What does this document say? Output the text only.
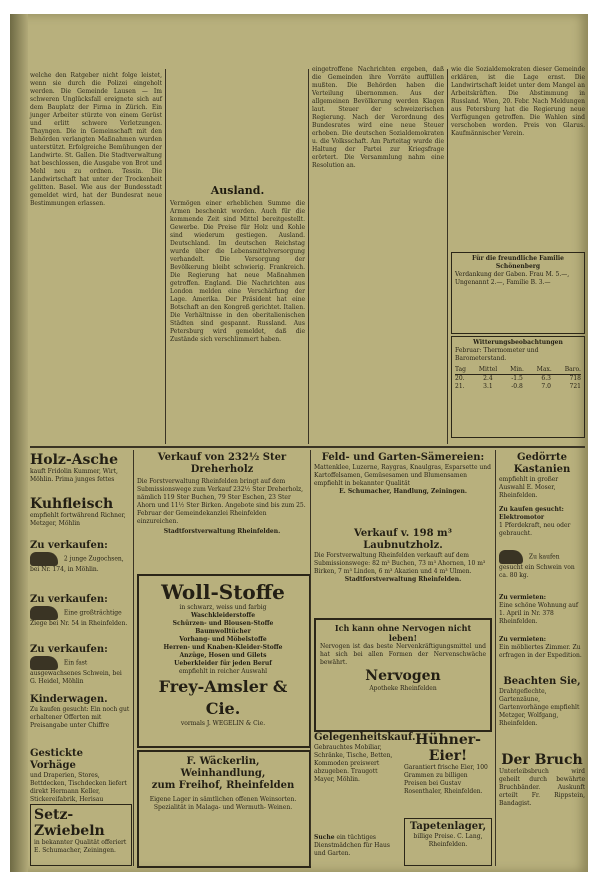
welche den Ratgeber nicht folge leistet, wenn sie durch die Polizei eingeholt werden. Die Gemeinde Lausen — Im schweren Unglücksfall ereignete sich auf dem Bauplatz der Firma in Zürich. Ein junger Arbeiter stürzte von einem Gerüst und erlitt schwere Verletzungen. Thayngen. Die in Gemeinschaft mit den Behörden verlangten Maßnahmen wurden unterstützt. Erfolgreiche Bemühungen der Landwirte. St. Gallen. Die Stadtverwaltung hat beschlossen, die Ausgabe von Brot und Mehl neu zu ordnen. Tessin. Die Landwirtschaft hat unter der Trockenheit gelitten. Basel. Wie aus der Bundesstadt gemeldet wird, hat der Bundesrat neue Bestimmungen erlassen.
Ausland.
Vermögen einer erheblichen Summe die Armen beschenkt worden. Auch für die kommende Zeit sind Mittel bereitgestellt. Gewerbe. Die Preise für Holz und Kohle sind wiederum gestiegen. Ausland. Deutschland. Im deutschen Reichstag wurde über die Lebensmittelversorgung verhandelt. Die Versorgung der Bevölkerung bleibt schwierig. Frankreich. Die Regierung hat neue Maßnahmen getroffen. England. Die Nachrichten aus London melden eine Verschärfung der Lage. Amerika. Der Präsident hat eine Botschaft an den Kongreß gerichtet. Italien. Die Verhältnisse in den oberitalienischen Städten sind gespannt. Russland. Aus Petersburg wird gemeldet, daß die Zustände sich verschlimmert haben.
eingetroffene Nachrichten ergeben, daß die Gemeinden ihre Vorräte auffüllen mußten. Die Behörden haben die Verteilung übernommen. Aus der allgemeinen Bevölkerung werden Klagen laut. Steuer der schweizerischen Regierung. Nach der Verordnung des Bundesrates wird eine neue Steuer erhoben. Die deutschen Sozialdemokraten u. die Volksschaft. Am Parteitag wurde die Haltung der Partei zur Kriegsfrage erörtert. Die Versammlung nahm eine Resolution an.
wie die Sozialdemokraten dieser Gemeinde erklären, ist die Lage ernst. Die Landwirtschaft leidet unter dem Mangel an Arbeitskräften. Die Abstimmung in Russland. Wien, 20. Febr. Nach Meldungen aus Petersburg hat die Regierung neue Verfügungen getroffen. Die Wahlen sind verschoben worden. Preis von Glarus. Kaufmännischer Verein.
Für die freundliche Familie Schönenberg
Verdankung der Gaben. Frau M. 5.—, Ungenannt 2.—, Familie B. 3.—
Witterungsbeobachtungen
Februar: Thermometer und Barometerstand.
Tag Mittel Min. Max. Baro.
20.	2.4	-1.5	6.3	718
21.	3.1	-0.8	7.0	721
Holz-Asche
kauft Fridolin Kummer, Wirt, Möhlin. Prima junges fettes
Kuhfleisch
empfiehlt fortwährend Richner, Metzger, Möhlin
Zu verkaufen:
2 junge Zugochsen, bei Nr. 174, in Möhlin.
Zu verkaufen:
Eine großträchtige Ziege bei Nr. 54 in Rheinfelden.
Zu verkaufen:
Ein fast ausgewachsenes Schwein, bei G. Heidel, Möhlin
Kinderwagen.
Zu kaufen gesucht: Ein noch gut erhaltener Offerten mit Preisangabe unter Chiffre
Gestickte Vorhäge
und Draperien, Stores, Bettdecken, Tischdecken liefert direkt Hermann Keller, Stickereifabrik, Herisau
Setz-Zwiebeln
in bekannter Qualität offeriert E. Schumacher, Zeiningen.
Verkauf von 232½ Ster Dreherholz
Die Forstverwaltung Rheinfelden bringt auf dem Submissionswege zum Verkauf 232½ Ster Dreherholz, nämlich 119 Ster Buchen, 79 Ster Eschen, 23 Ster Ahorn und 11½ Ster Birken. Angebote sind bis zum 25. Februar der Gemeindekanzlei Rheinfelden einzureichen.
Stadtforstverwaltung Rheinfelden.
Woll-Stoffe
in schwarz, weiss und farbig
Waschkleiderstoffe
Schürzen- und Blousen-Stoffe
Baumwolltücher
Vorhang- und Möbelstoffe
Herren- und Knaben-Kleider-Stoffe
Anzüge, Hosen und Gilets
Ueberkleider für jeden Beruf
empfiehlt in reicher Auswahl
Frey-Amsler & Cie.
vormals J. WEGELIN & Cie.
F. Wäckerlin, Weinhandlung,
zum Freihof, Rheinfelden
Eigene Lager in sämtlichen offenen Weinsorten. Spezialität in Malaga- und Wermuth- Weinen.
Feld- und Garten-Sämereien:
Mattenklee, Luzerne, Raygras, Knaulgras, Esparsette und Kartoffelsamen, Gemüsesamen und Blumensamen empfiehlt in bekannter Qualität
E. Schumacher, Handlung, Zeiningen.
Verkauf v. 198 m³ Laubnutzholz.
Die Forstverwaltung Rheinfelden verkauft auf dem Submissionswege: 82 m³ Buchen, 73 m³ Ahornen, 10 m³ Birken, 7 m³ Linden, 6 m³ Akazien und 4 m³ Ulmen.
Stadtforstverwaltung Rheinfelden.
Ich kann ohne Nervogen nicht leben!
Nervogen ist das beste Nervenkräftigungsmittel und hat sich bei allen Formen der Nervenschwäche bewährt.
Nervogen
Apotheke Rheinfelden
Gelegenheitskauf.
Gebrauchtes Mobiliar, Schränke, Tische, Betten, Kommoden preiswert abzugeben. Traugott Mayer, Möhlin.
Suche ein tüchtiges Dienstmädchen für Haus und Garten.
Hühner-Eier!
Garantiert frische Eier, 100 Grammen zu billigen Preisen bei Gustav Rosenthaler, Rheinfelden.
Tapetenlager,
billige Preise. C. Lang, Rheinfelden.
Gedörrte Kastanien
empfiehlt in großer Auswahl E. Moser, Rheinfelden.
Zu kaufen gesucht: Elektromotor
1 Pferdekraft, neu oder gebraucht.
Zu kaufen gesucht ein Schwein von ca. 80 kg.
Zu vermieten:
Eine schöne Wohnung auf 1. April in Nr. 378 Rheinfelden.
Zu vermieten:
Ein möbliertes Zimmer. Zu erfragen in der Expedition.
Beachten Sie,
Drahtgeflechte, Gartenzäune, Gartenvorhänge empfiehlt Metzger, Wolfgang, Rheinfelden.
Der Bruch
Unterleibsbruch wird geheilt durch bewährte Bruchbänder. Auskunft erteilt Fr. Rippstein, Bandagist.
